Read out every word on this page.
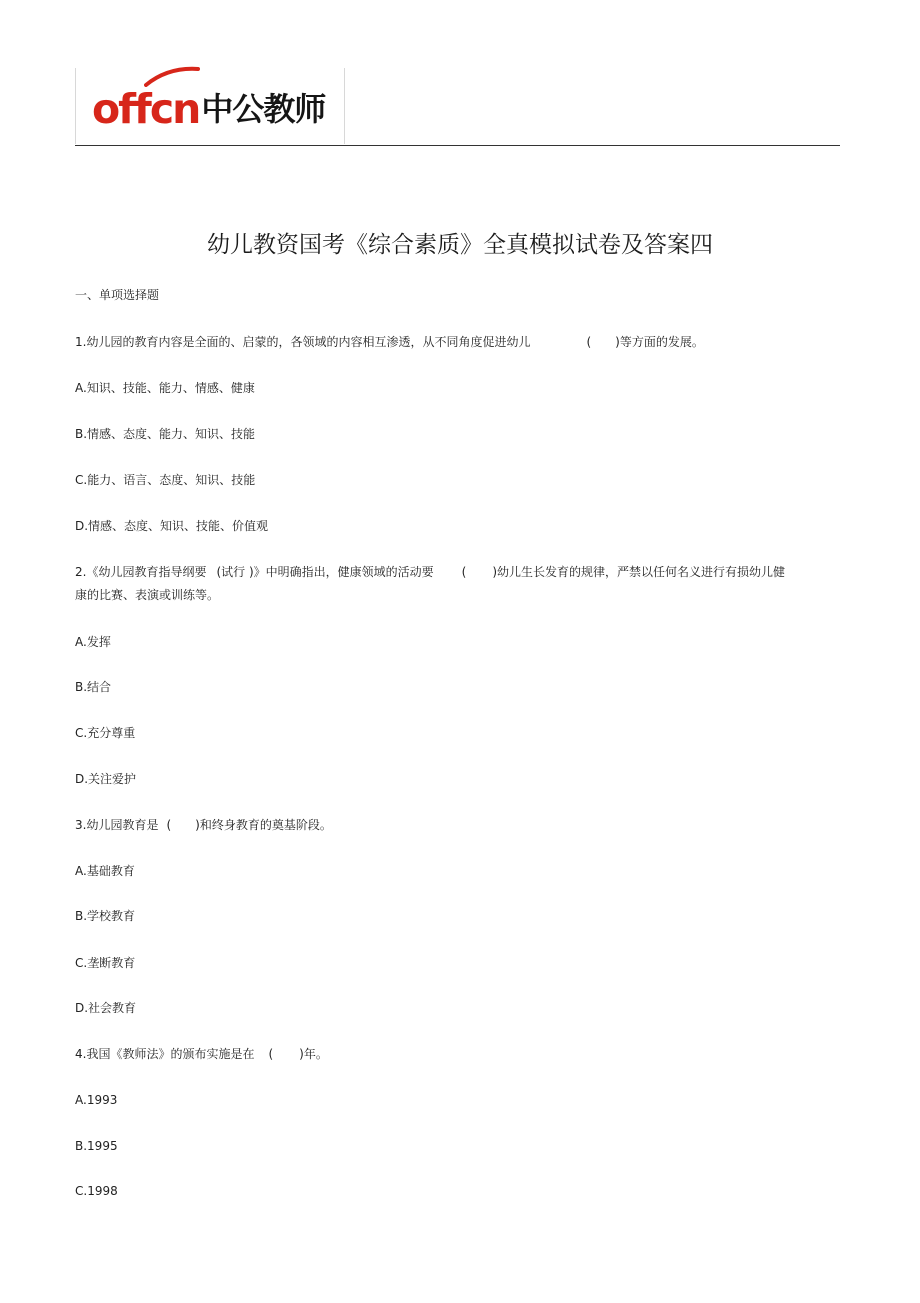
offcn 中公教师
幼儿教资国考《综合素质》全真模拟试卷及答案四
一、单项选择题
1.幼儿园的教育内容是全面的、启蒙的，各领域的内容相互渗透，从不同角度促进幼儿	( )等方面的发展。
A.知识、技能、能力、情感、健康
B.情感、态度、能力、知识、技能
C.能力、语言、态度、知识、技能
D.情感、态度、知识、技能、价值观
2.《幼儿园教育指导纲要 (试行 )》中明确指出，健康领域的活动要 ( )幼儿生长发育的规律，严禁以任何名义进行有损幼儿健
康的比赛、表演或训练等。
A.发挥
B.结合
C.充分尊重
D.关注爱护
3.幼儿园教育是 ( )和终身教育的奠基阶段。
A.基础教育
B.学校教育
C.垄断教育
D.社会教育
4.我国《教师法》的颁布实施是在 ( )年。
A.1993
B.1995
C.1998
